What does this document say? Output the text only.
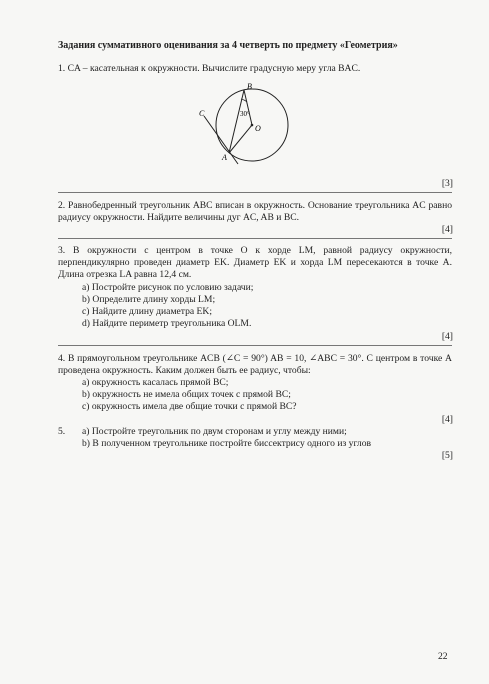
Задания суммативного оценивания за 4 четверть по предмету «Геометрия»
1. CA – касательная к окружности. Вычислите градусную меру угла BAC.
B
C
A
O
30°
[3]
2. Равнобедренный треугольник ABC вписан в окружность. Основание треугольника AC равно радиусу окружности. Найдите величины дуг AC, AB и BC.
[4]
3. В окружности с центром в точке O к хорде LM, равной радиусу окружности, перпендикулярно проведен диаметр EK. Диаметр EK и хорда LM пересекаются в точке A. Длина отрезка LA равна 12,4 см.
a) Постройте рисунок по условию задачи;
b) Определите длину хорды LM;
c) Найдите длину диаметра EK;
d) Найдите периметр треугольника OLM.
[4]
4. В прямоугольном треугольнике ACB (∠C = 90°) AB = 10, ∠ABC = 30°. С центром в точке A проведена окружность. Каким должен быть ее радиус, чтобы:
a) окружность касалась прямой BC;
b) окружность не имела общих точек с прямой BC;
c) окружность имела две общие точки с прямой BC?
[4]
5. a) Постройте треугольник по двум сторонам и углу между ними;
b) В полученном треугольнике постройте биссектрису одного из углов
[5]
22
